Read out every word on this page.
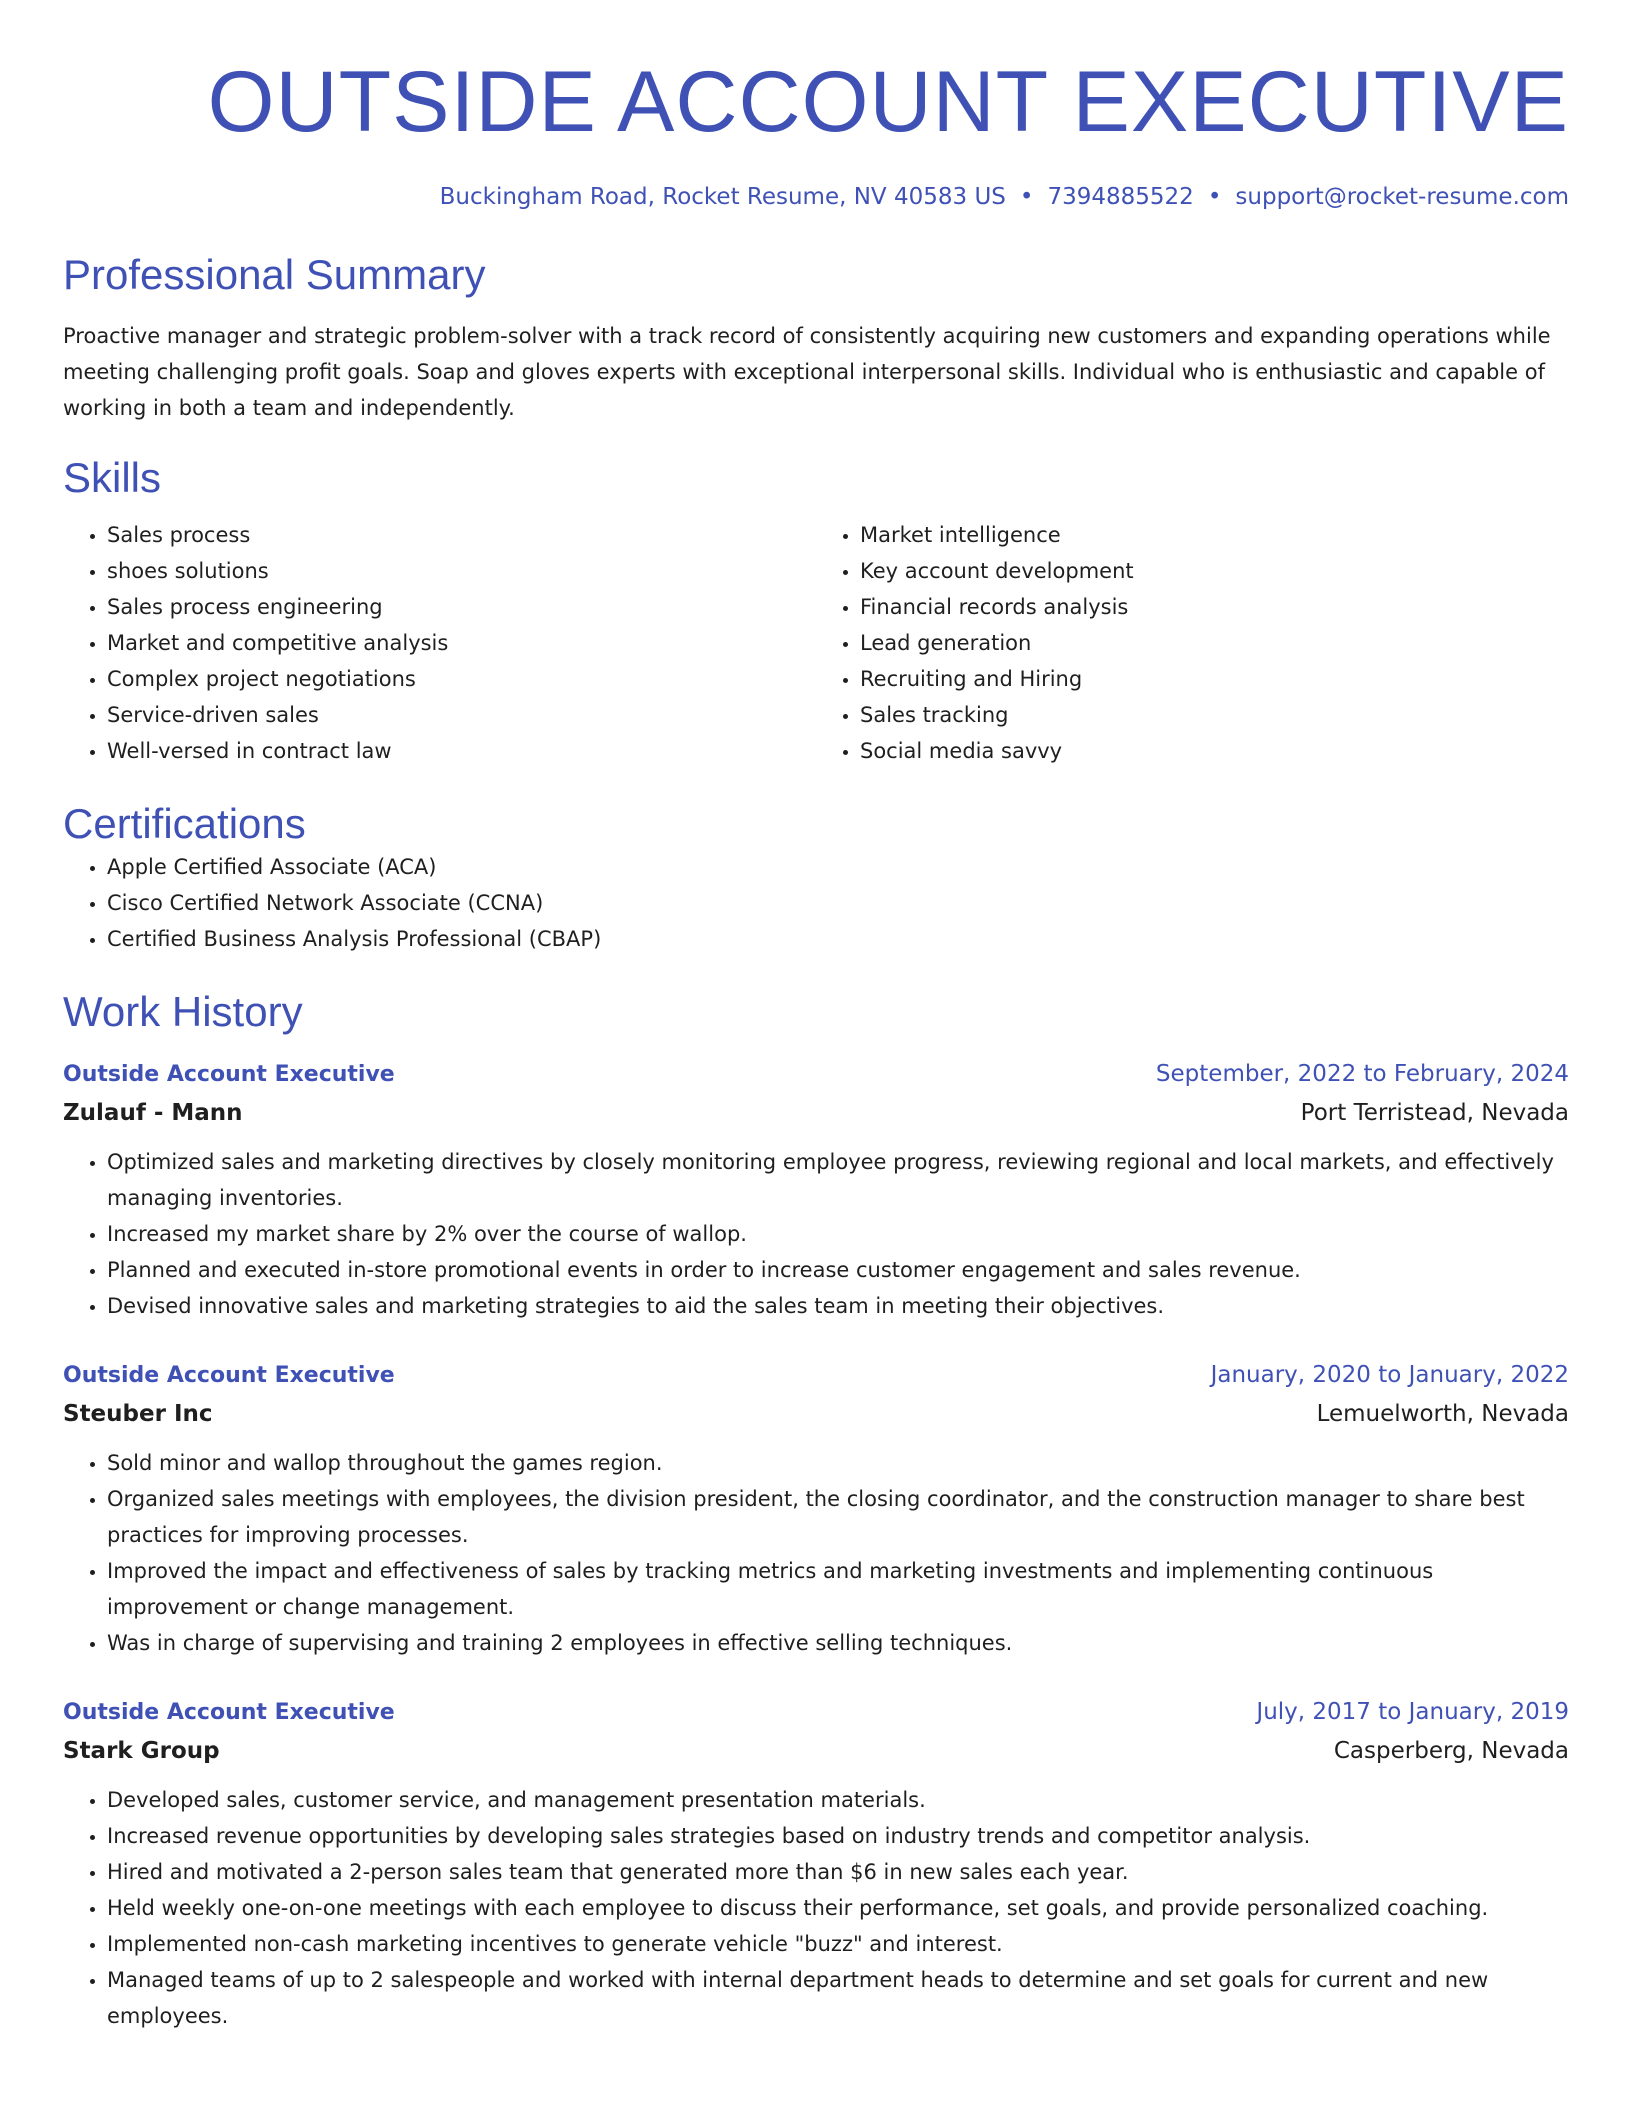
OUTSIDE ACCOUNT EXECUTIVE
Buckingham Road, Rocket Resume, NV 40583 US • 7394885522 • support@rocket-resume.com
Professional Summary

Proactive manager and strategic problem-solver with a track record of consistently acquiring new customers and expanding operations while meeting challenging profit goals. Soap and gloves experts with exceptional interpersonal skills. Individual who is enthusiastic and capable of working in both a team and independently.

Skills
• Sales process
• shoes solutions
• Sales process engineering
• Market and competitive analysis
• Complex project negotiations
• Service-driven sales
• Well-versed in contract law
• Market intelligence
• Key account development
• Financial records analysis
• Lead generation
• Recruiting and Hiring
• Sales tracking
• Social media savvy
Certifications
• Apple Certified Associate (ACA)
• Cisco Certified Network Associate (CCNA)
• Certified Business Analysis Professional (CBAP)
Work History
Outside Account Executive	September, 2022 to February, 2024
Zulauf - Mann	Port Terristead, Nevada
• Optimized sales and marketing directives by closely monitoring employee progress, reviewing regional and local markets, and effectively managing inventories.
• Increased my market share by 2% over the course of wallop.
• Planned and executed in-store promotional events in order to increase customer engagement and sales revenue.
• Devised innovative sales and marketing strategies to aid the sales team in meeting their objectives.
Outside Account Executive	January, 2020 to January, 2022
Steuber Inc	Lemuelworth, Nevada
• Sold minor and wallop throughout the games region.
• Organized sales meetings with employees, the division president, the closing coordinator, and the construction manager to share best practices for improving processes.
• Improved the impact and effectiveness of sales by tracking metrics and marketing investments and implementing continuous improvement or change management.
• Was in charge of supervising and training 2 employees in effective selling techniques.
Outside Account Executive	July, 2017 to January, 2019
Stark Group	Casperberg, Nevada
• Developed sales, customer service, and management presentation materials.
• Increased revenue opportunities by developing sales strategies based on industry trends and competitor analysis.
• Hired and motivated a 2-person sales team that generated more than $6 in new sales each year.
• Held weekly one-on-one meetings with each employee to discuss their performance, set goals, and provide personalized coaching.
• Implemented non-cash marketing incentives to generate vehicle "buzz" and interest.
• Managed teams of up to 2 salespeople and worked with internal department heads to determine and set goals for current and new employees.
